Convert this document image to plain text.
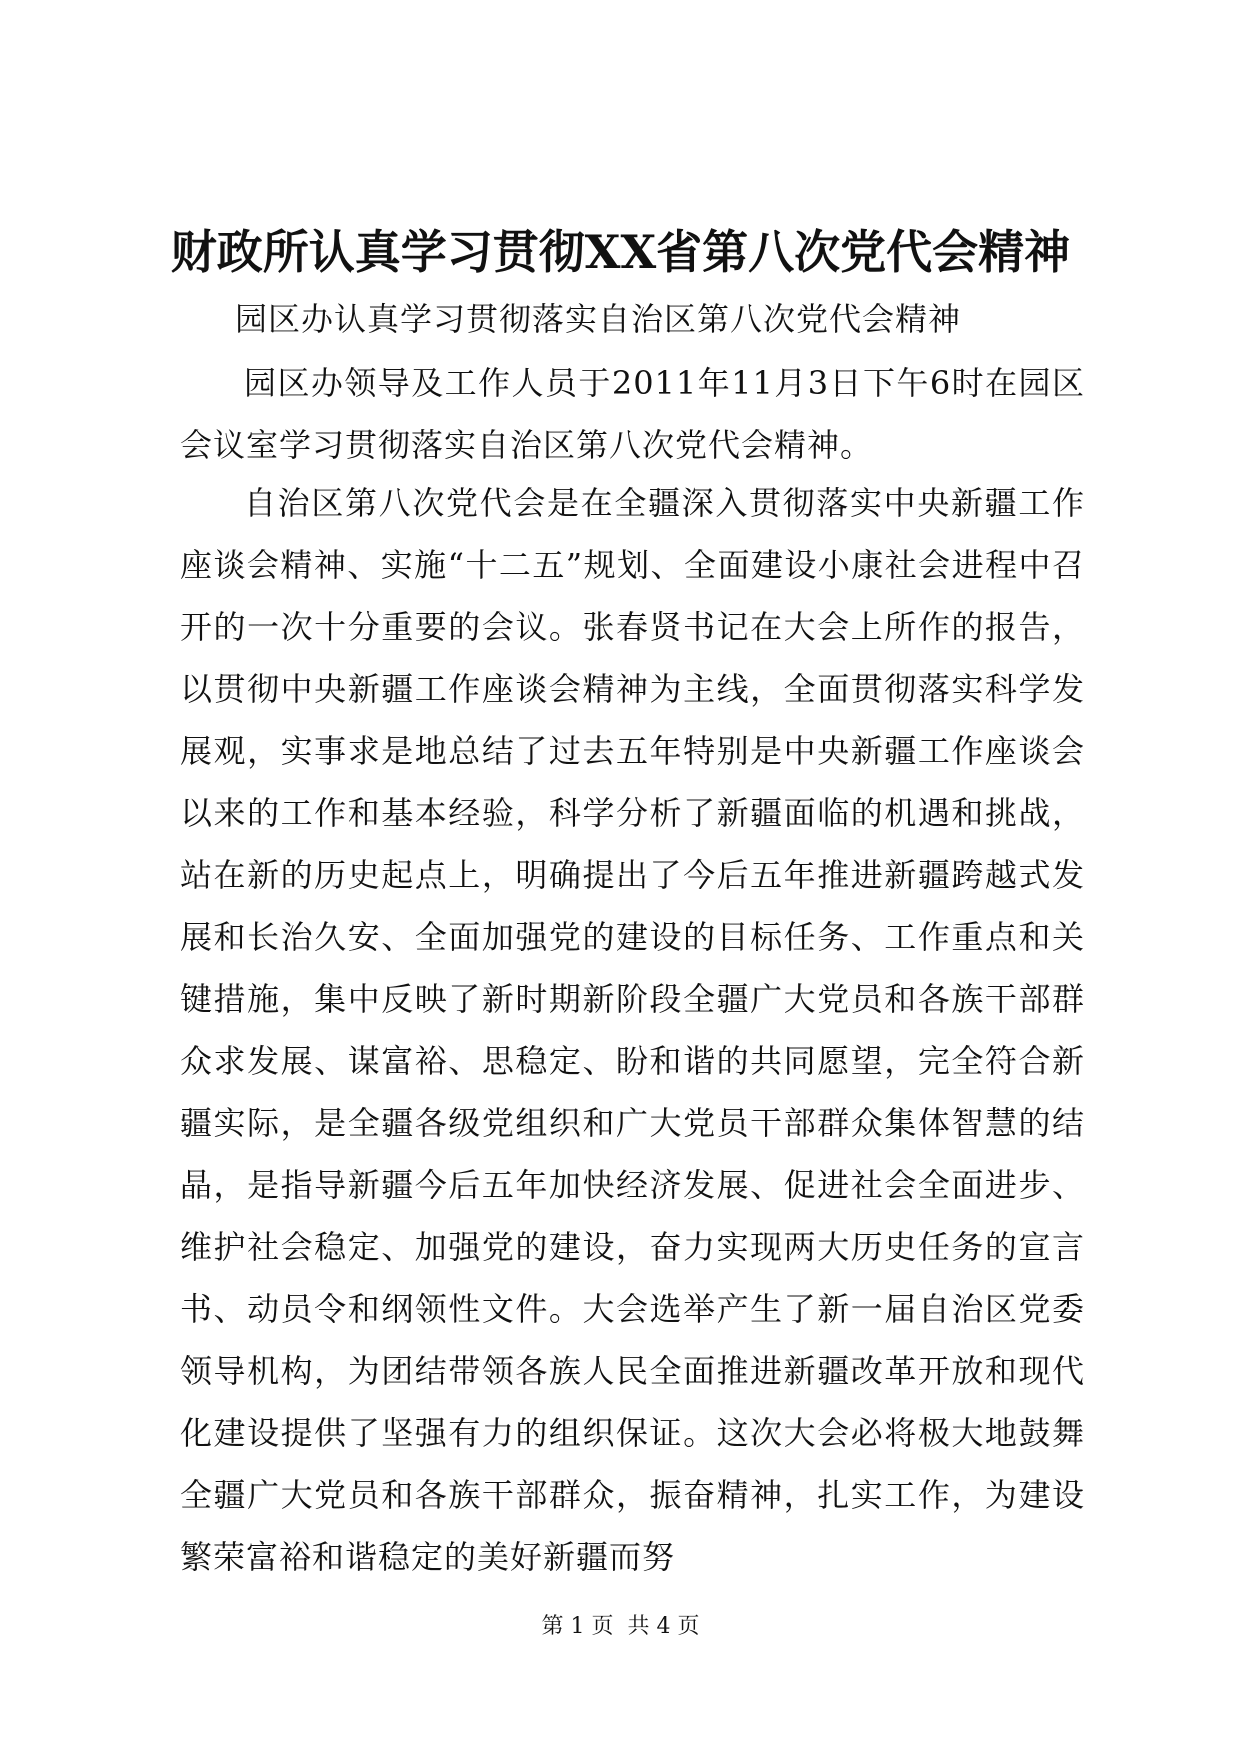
财政所认真学习贯彻XX省第八次党代会精神

园区办认真学习贯彻落实自治区第八次党代会精神

园区办领导及工作人员于2011年11月3日下午6时在园区会议室学习贯彻落实自治区第八次党代会精神。

自治区第八次党代会是在全疆深入贯彻落实中央新疆工作座谈会精神、实施“十二五”规划、全面建设小康社会进程中召开的一次十分重要的会议。张春贤书记在大会上所作的报告，以贯彻中央新疆工作座谈会精神为主线，全面贯彻落实科学发展观，实事求是地总结了过去五年特别是中央新疆工作座谈会以来的工作和基本经验，科学分析了新疆面临的机遇和挑战，站在新的历史起点上，明确提出了今后五年推进新疆跨越式发展和长治久安、全面加强党的建设的目标任务、工作重点和关键措施，集中反映了新时期新阶段全疆广大党员和各族干部群众求发展、谋富裕、思稳定、盼和谐的共同愿望，完全符合新疆实际，是全疆各级党组织和广大党员干部群众集体智慧的结晶，是指导新疆今后五年加快经济发展、促进社会全面进步、维护社会稳定、加强党的建设，奋力实现两大历史任务的宣言书、动员令和纲领性文件。大会选举产生了新一届自治区党委领导机构，为团结带领各族人民全面推进新疆改革开放和现代化建设提供了坚强有力的组织保证。这次大会必将极大地鼓舞全疆广大党员和各族干部群众，振奋精神，扎实工作，为建设繁荣富裕和谐稳定的美好新疆而努

第 1 页  共 4 页
